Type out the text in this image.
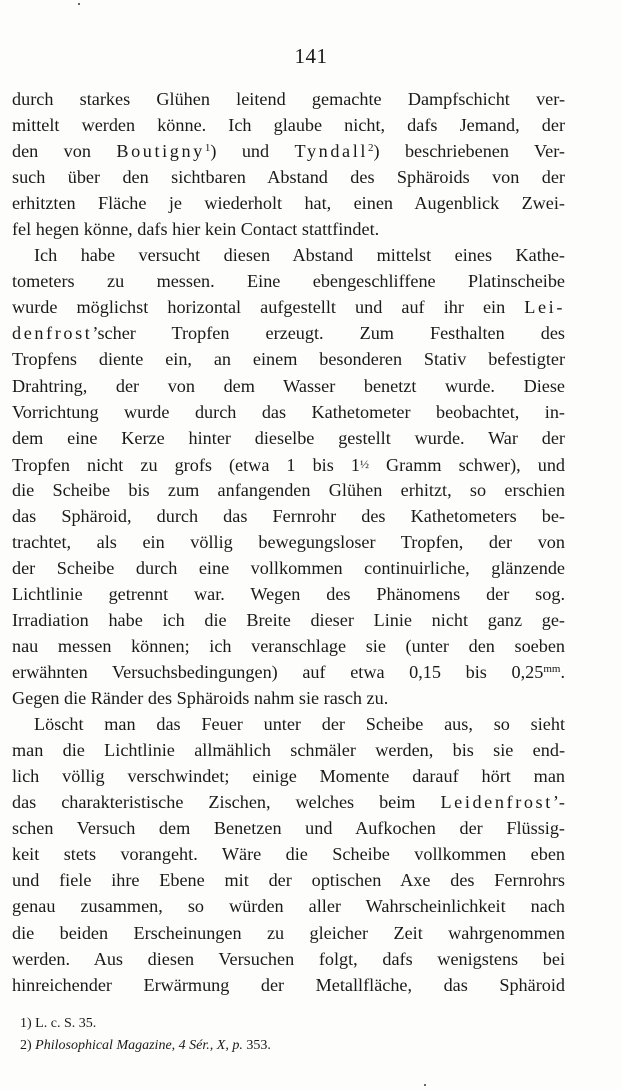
141
durch starkes Glühen leitend gemachte Dampfschicht ver-
mittelt werden könne. Ich glaube nicht, dafs Jemand, der
den von Boutigny$^1$) und Tyndall$^2$) beschriebenen Ver-
such über den sichtbaren Abstand des Sphäroids von der
erhitzten Fläche je wiederholt hat, einen Augenblick Zwei-
fel hegen könne, dafs hier kein Contact stattfindet.
Ich habe versucht diesen Abstand mittelst eines Kathe-
tometers zu messen. Eine ebengeschliffene Platinscheibe
wurde möglichst horizontal aufgestellt und auf ihr ein Lei-
denfrost’scher Tropfen erzeugt. Zum Festhalten des
Tropfens diente ein, an einem besonderen Stativ befestigter
Drahtring, der von dem Wasser benetzt wurde. Diese
Vorrichtung wurde durch das Kathetometer beobachtet, in-
dem eine Kerze hinter dieselbe gestellt wurde. War der
Tropfen nicht zu grofs (etwa 1 bis 1½ Gramm schwer), und
die Scheibe bis zum anfangenden Glühen erhitzt, so erschien
das Sphäroid, durch das Fernrohr des Kathetometers be-
trachtet, als ein völlig bewegungsloser Tropfen, der von
der Scheibe durch eine vollkommen continuirliche, glänzende
Lichtlinie getrennt war. Wegen des Phänomens der sog.
Irradiation habe ich die Breite dieser Linie nicht ganz ge-
nau messen können; ich veranschlage sie (unter den soeben
erwähnten Versuchsbedingungen) auf etwa 0,15 bis $0,25^{mm}$.
Gegen die Ränder des Sphäroids nahm sie rasch zu.
Löscht man das Feuer unter der Scheibe aus, so sieht
man die Lichtlinie allmählich schmäler werden, bis sie end-
lich völlig verschwindet; einige Momente darauf hört man
das charakteristische Zischen, welches beim Leidenfrost’-
schen Versuch dem Benetzen und Aufkochen der Flüssig-
keit stets vorangeht. Wäre die Scheibe vollkommen eben
und fiele ihre Ebene mit der optischen Axe des Fernrohrs
genau zusammen, so würden aller Wahrscheinlichkeit nach
die beiden Erscheinungen zu gleicher Zeit wahrgenommen
werden. Aus diesen Versuchen folgt, dafs wenigstens bei
hinreichender Erwärmung der Metallfläche, das Sphäroid
1) L. c. S. 35.
2) Philosophical Magazine, 4 Sér., X, p. 353.
